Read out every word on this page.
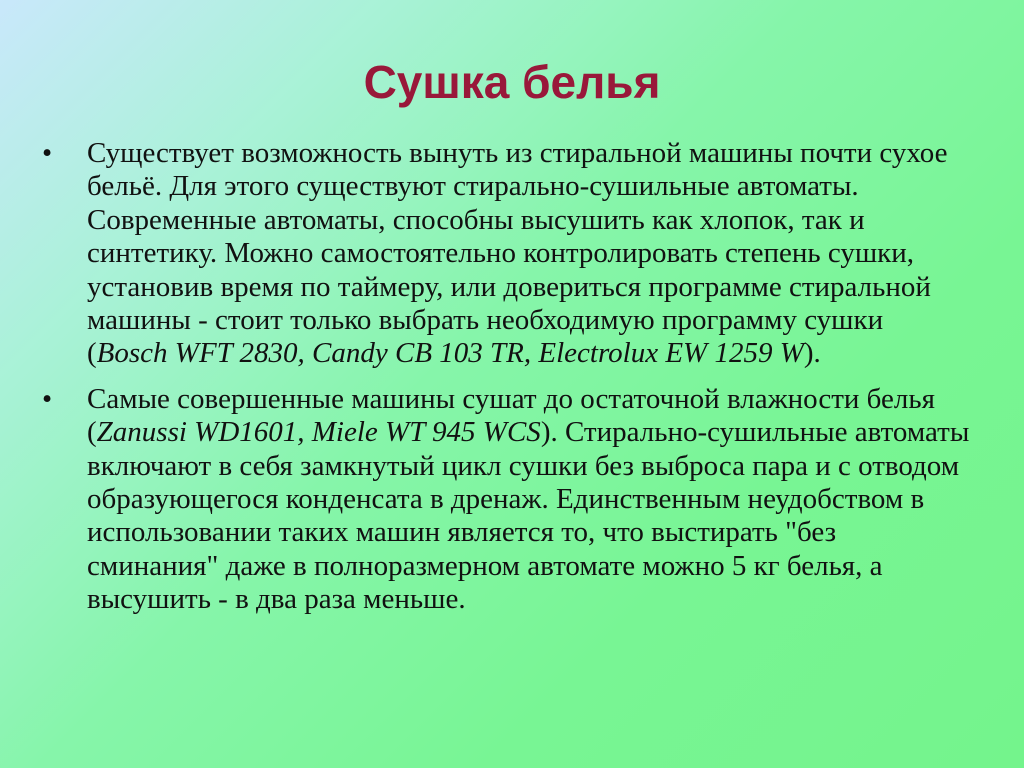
Сушка белья
• Существует возможность вынуть из стиральной машины почти сухое бельё. Для этого существуют стирально-сушильные автоматы. Современные автоматы, способны высушить как хлопок, так и синтетику. Можно самостоятельно контролировать степень сушки, установив время по таймеру, или довериться программе стиральной машины - стоит только выбрать необходимую программу сушки (Bosch WFT 2830, Candy CB 103 TR, Electrolux EW 1259 W).
• Самые совершенные машины сушат до остаточной влажности белья (Zanussi WD1601, Miele WT 945 WCS). Стирально-сушильные автоматы включают в себя замкнутый цикл сушки без выброса пара и с отводом образующегося конденсата в дренаж. Единственным неудобством в использовании таких машин является то, что выстирать "без сминания" даже в полноразмерном автомате можно 5 кг белья, а высушить - в два раза меньше.
